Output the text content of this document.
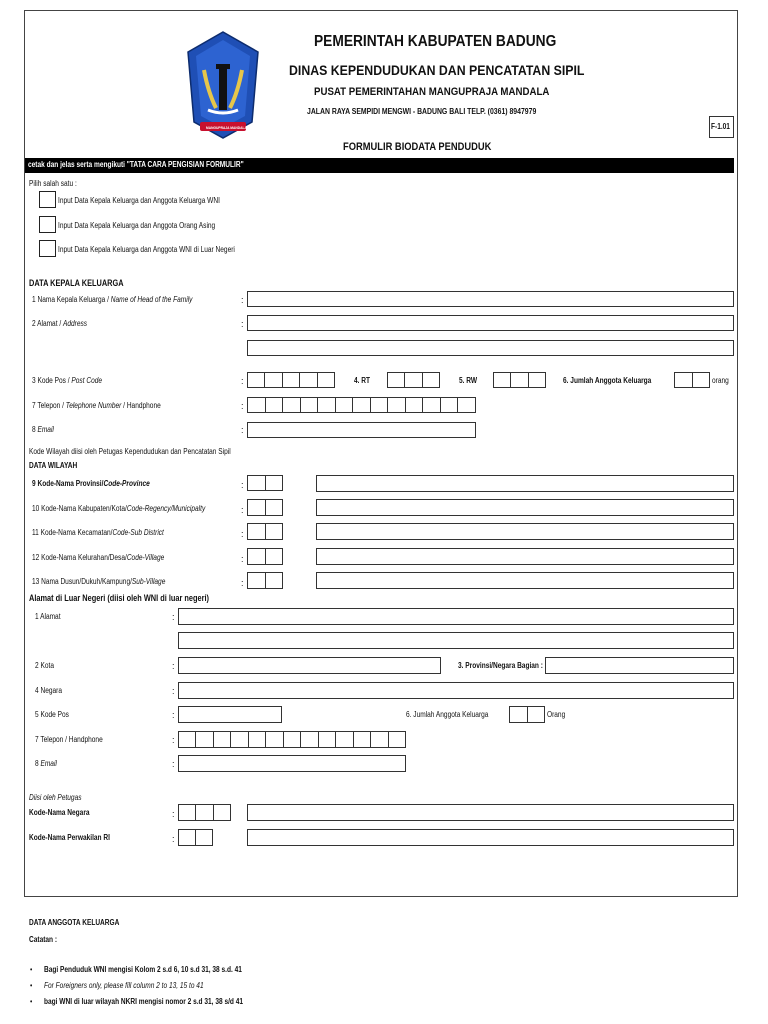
MANGUPRAJA MANDALA
PEMERINTAH KABUPATEN BADUNG
DINAS KEPENDUDUKAN DAN PENCATATAN SIPIL
PUSAT PEMERINTAHAN MANGUPRAJA MANDALA
JALAN RAYA SEMPIDI MENGWI - BADUNG BALI TELP. (0361) 8947979
F-1.01
FORMULIR BIODATA PENDUDUK
cetak dan jelas serta mengikuti "TATA CARA PENGISIAN FORMULIR"
Pilih salah satu :
Input Data Kepala Keluarga dan Anggota Keluarga WNI
Input Data Kepala Keluarga dan Anggota Orang Asing
Input Data Kepala Keluarga dan Anggota WNI di Luar Negeri
DATA KEPALA KELUARGA
1 Nama Kepala Keluarga / Name of Head of the Family	:
2 Alamat / Address	:
3 Kode Pos / Post Code	:	4. RT	5. RW	6. Jumlah Anggota Keluarga	orang
7 Telepon / Telephone Number / Handphone	:
8 Email	:
Kode Wilayah diisi oleh Petugas Kependudukan dan Pencatatan Sipil
DATA WILAYAH
9 Kode-Nama Provinsi/Code-Province	:
10 Kode-Nama Kabupaten/Kota/Code-Regency/Municipalty	:
11 Kode-Nama Kecamatan/Code-Sub District	:
12 Kode-Nama Kelurahan/Desa/Code-Village	:
13 Nama Dusun/Dukuh/Kampung/Sub-Village	:
Alamat di Luar Negeri (diisi oleh WNI di luar negeri)
1 Alamat	:
2 Kota	:	3. Provinsi/Negara Bagian :
4 Negara	:
5 Kode Pos	:	6. Jumlah Anggota Keluarga	Orang
7 Telepon / Handphone	:
8 Email	:
Diisi oleh Petugas
Kode-Nama Negara	:
Kode-Nama Perwakilan RI	:
DATA ANGGOTA KELUARGA
Catatan :
• Bagi Penduduk WNI mengisi Kolom 2 s.d 6, 10 s.d 31, 38 s.d. 41
• For Foreigners only, please fill column 2 to 13, 15 to 41
• bagi WNI di luar wilayah NKRI mengisi nomor 2 s.d 31, 38 s/d 41
